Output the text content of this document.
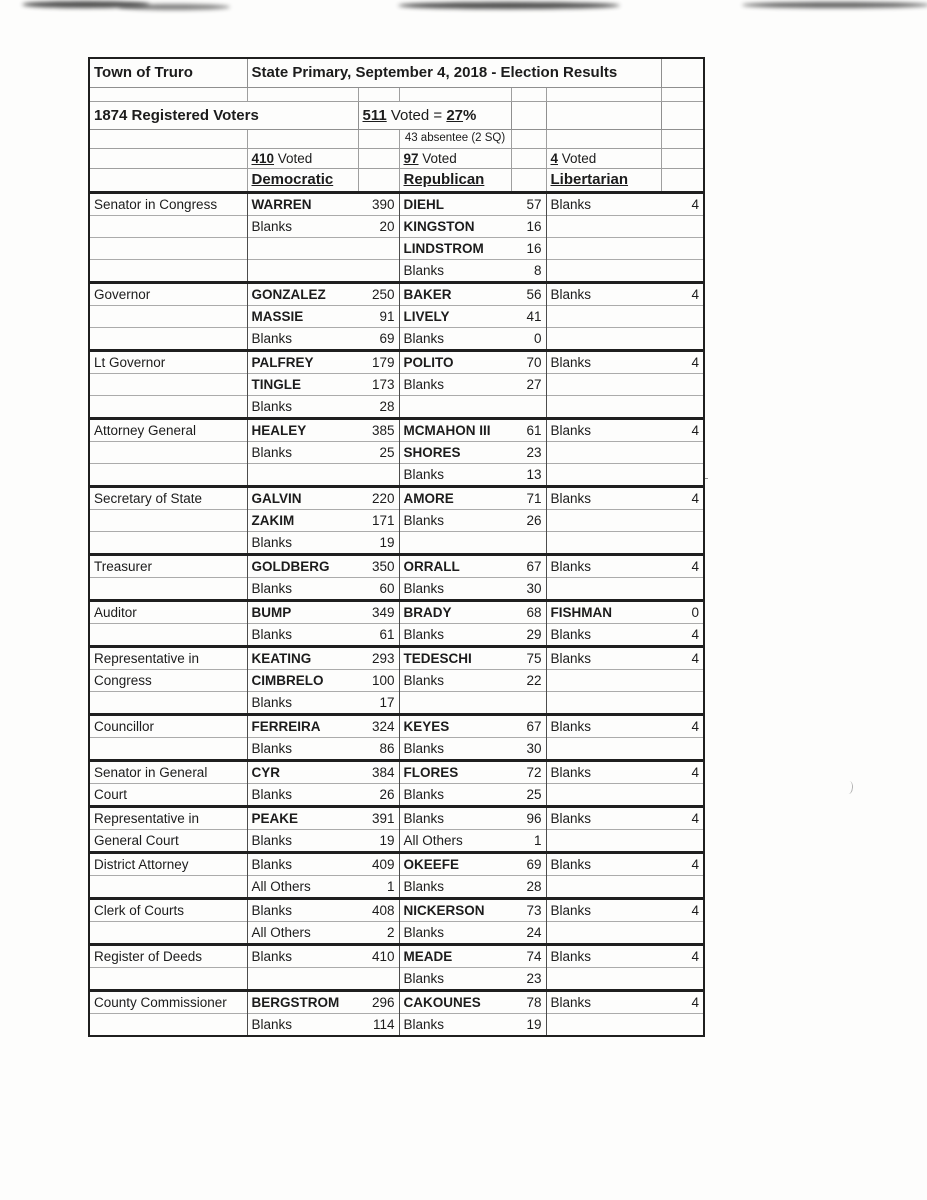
Town of Truro	State Primary, September 4, 2018 - Election Results					

1874 Registered Voters		511 Voted = 27%				
			43 absentee (2 SQ)			
	410 Voted		97 Voted		4 Voted	
	Democratic		Republican		Libertarian	
Senator in Congress	WARREN 390		DIEHL 57		Blanks 4	

	Blanks 20		KINGSTON 16			

			LINDSTROM 16			

			Blanks 8			

Governor	GONZALEZ 250		BAKER 56		Blanks 4	

	MASSIE 91		LIVELY 41			

	Blanks 69		Blanks 0			

Lt Governor	PALFREY 179		POLITO 70		Blanks 4	

	TINGLE 173		Blanks 27			

	Blanks 28					

Attorney General	HEALEY 385		MCMAHON III 61		Blanks 4	

	Blanks 25		SHORES 23			

			Blanks 13			

Secretary of State	GALVIN 220		AMORE 71		Blanks 4	

	ZAKIM 171		Blanks 26			

	Blanks 19					

Treasurer	GOLDBERG 350		ORRALL 67		Blanks 4	

	Blanks 60		Blanks 30			

Auditor	BUMP 349		BRADY 68		FISHMAN 0	

	Blanks 61		Blanks 29		Blanks 4	

Representative in	KEATING 293		TEDESCHI 75		Blanks 4	

Congress	CIMBRELO 100		Blanks 22			

	Blanks 17					

Councillor	FERREIRA 324		KEYES 67		Blanks 4	

	Blanks 86		Blanks 30			

Senator in General	CYR 384		FLORES 72		Blanks 4	

Court	Blanks 26		Blanks 25			

Representative in	PEAKE 391		Blanks 96		Blanks 4	

General Court	Blanks 19		All Others 1			

District Attorney	Blanks 409		OKEEFE 69		Blanks 4	

	All Others 1		Blanks 28			

Clerk of Courts	Blanks 408		NICKERSON 73		Blanks 4	

	All Others 2		Blanks 24			

Register of Deeds	Blanks 410		MEADE 74		Blanks 4	

			Blanks 23			

County Commissioner	BERGSTROM 296		CAKOUNES 78		Blanks 4	

	Blanks 114		Blanks 19			
